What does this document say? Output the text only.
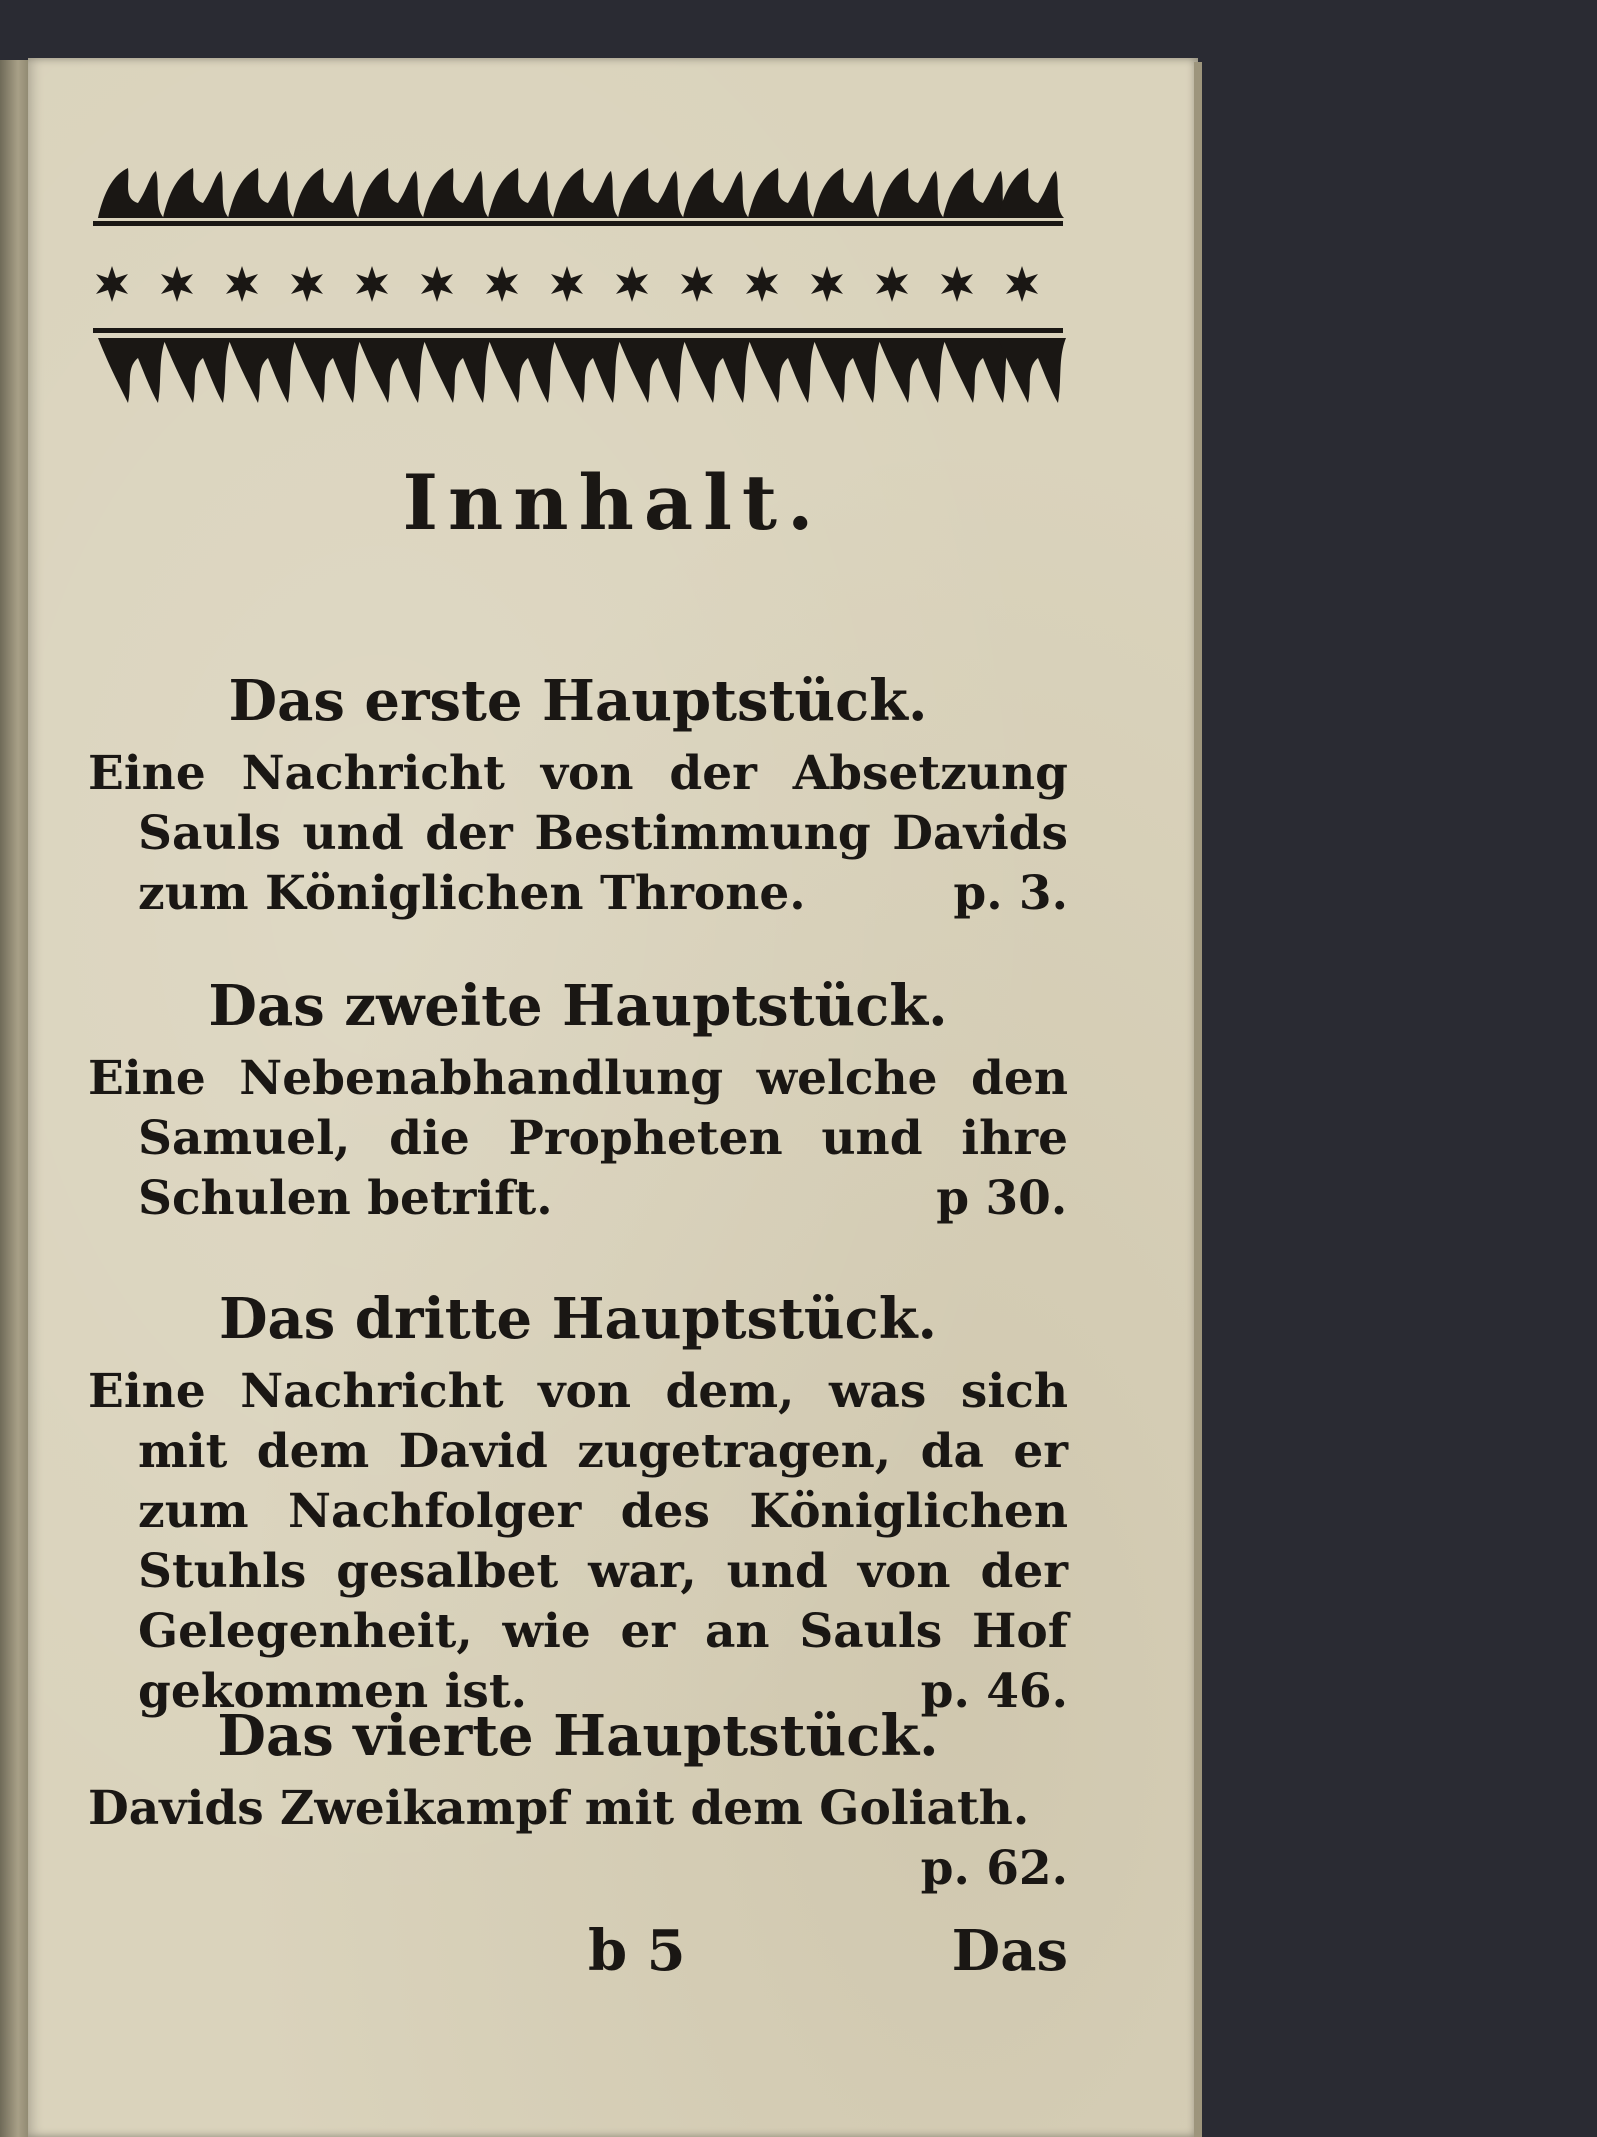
Innhalt.
Das erste Hauptstück.
Eine Nachricht von der Absetzung Sauls und der Bestimmung Davids zum Königlichen Throne.	p. 3.
Das zweite Hauptstück.
Eine Nebenabhandlung welche den Samuel, die Propheten und ihre Schulen betrift.	p 30.
Das dritte Hauptstück.
Eine Nachricht von dem, was sich mit dem David zugetragen, da er zum Nachfolger des Königlichen Stuhls gesalbet war, und von der Gelegenheit, wie er an Sauls Hof gekommen ist.	p. 46.
Das vierte Hauptstück.
Davids Zweikampf mit dem Goliath.
p. 62.
b 5	Das
